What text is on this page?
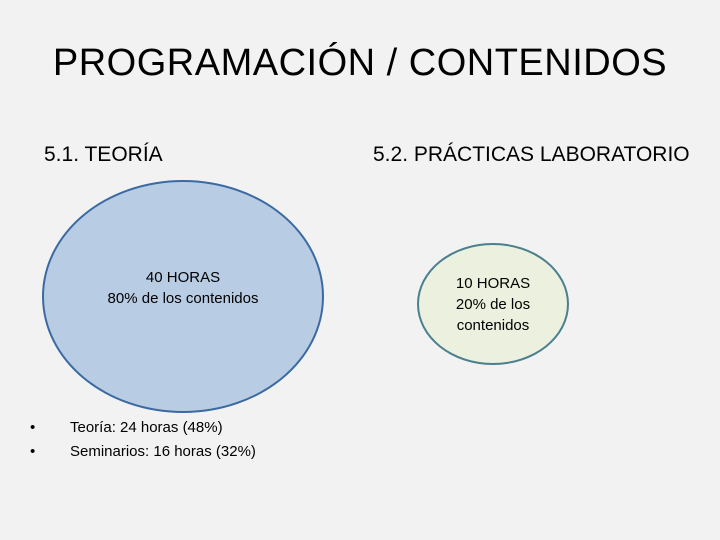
PROGRAMACIÓN / CONTENIDOS
5.1. TEORÍA	5.2. PRÁCTICAS LABORATORIO
40 HORAS
80% de los contenidos
10 HORAS
20% de los
contenidos
•	Teoría: 24 horas (48%)
•	Seminarios: 16 horas (32%)
